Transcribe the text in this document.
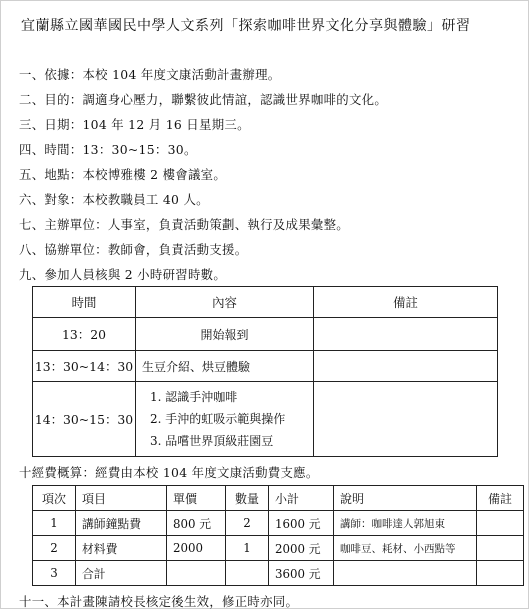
宜蘭縣立國華國民中學人文系列「探索咖啡世界文化分享與體驗」研習
一、依據：本校 104 年度文康活動計畫辦理。
二、目的：調適身心壓力，聯繫彼此情誼，認識世界咖啡的文化。
三、日期：104 年 12 月 16 日星期三。
四、時間：13：30~15：30。
五、地點：本校博雅樓 2 樓會議室。
六、對象：本校教職員工 40 人。
七、主辦單位：人事室，負責活動策劃、執行及成果彙整。
八、協辦單位：教師會，負責活動支援。
九、參加人員核與 2 小時研習時數。
時間	內容	備註
13：20	開始報到	
13：30~14：30	生豆介紹、烘豆體驗	
14：30~15：30	1. 認識手沖咖啡
2. 手沖的虹吸示範與操作
3. 品嚐世界頂級莊園豆	

十經費概算：經費由本校 104 年度文康活動費支應。
項次	項目	單價	數量	小計	說明	備註
1	講師鐘點費	800 元	2	1600 元	講師：咖啡達人郭旭東	
2	材料費	2000	1	2000 元	咖啡豆、耗材、小西點等	
3	合計			3600 元		
十一、本計畫陳請校長核定後生效，修正時亦同。
